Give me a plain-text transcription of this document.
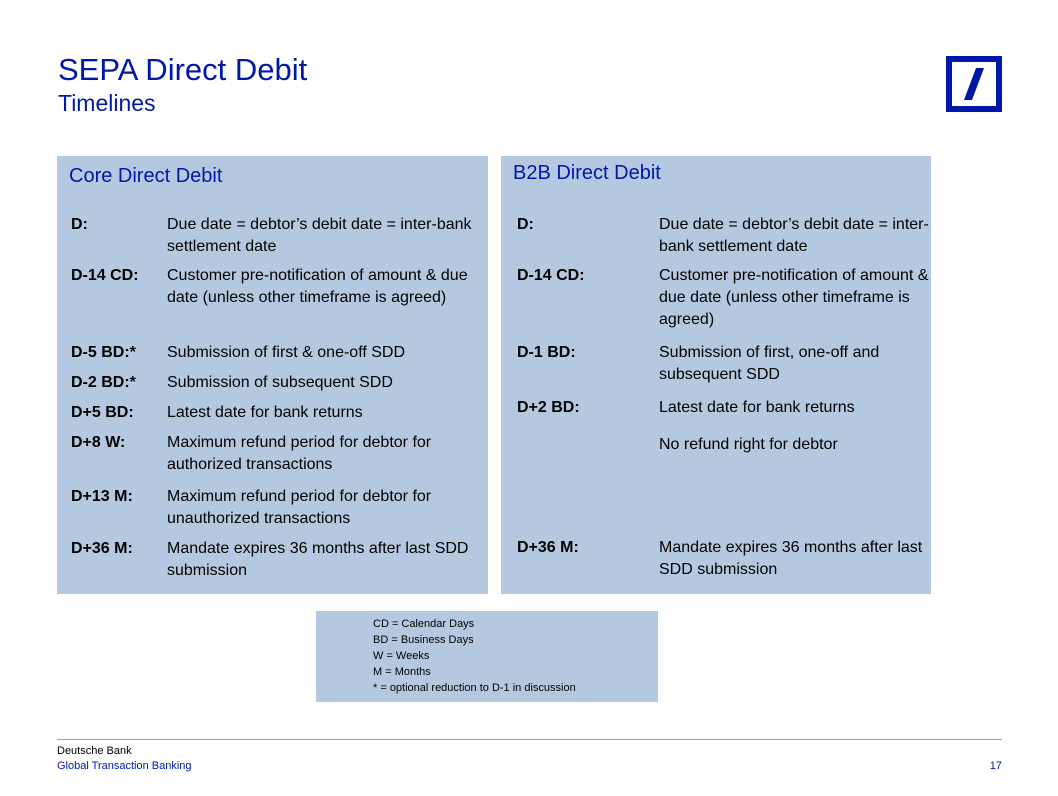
SEPA Direct Debit
Timelines
Core Direct Debit
D:	Due date = debtor’s debit date = inter-bank settlement date
D-14 CD: Customer pre-notification of amount & due date (unless other timeframe is agreed)
D-5 BD:* Submission of first & one-off SDD
D-2 BD:* Submission of subsequent SDD
D+5 BD: Latest date for bank returns
D+8 W:	Maximum refund period for debtor for authorized transactions
D+13 M: Maximum refund period for debtor for unauthorized transactions
D+36 M: Mandate expires 36 months after last SDD submission
B2B Direct Debit
D:	Due date = debtor’s debit date = inter-bank settlement date
D-14 CD:	Customer pre-notification of amount & due date (unless other timeframe is agreed)
D-1 BD:	Submission of first, one-off and subsequent SDD
D+2 BD:	Latest date for bank returns
No refund right for debtor
D+36 M:	Mandate expires 36 months after last SDD submission
CD = Calendar Days
BD = Business Days
W = Weeks
M = Months
* = optional reduction to D-1 in discussion
Deutsche Bank
Global Transaction Banking	17
